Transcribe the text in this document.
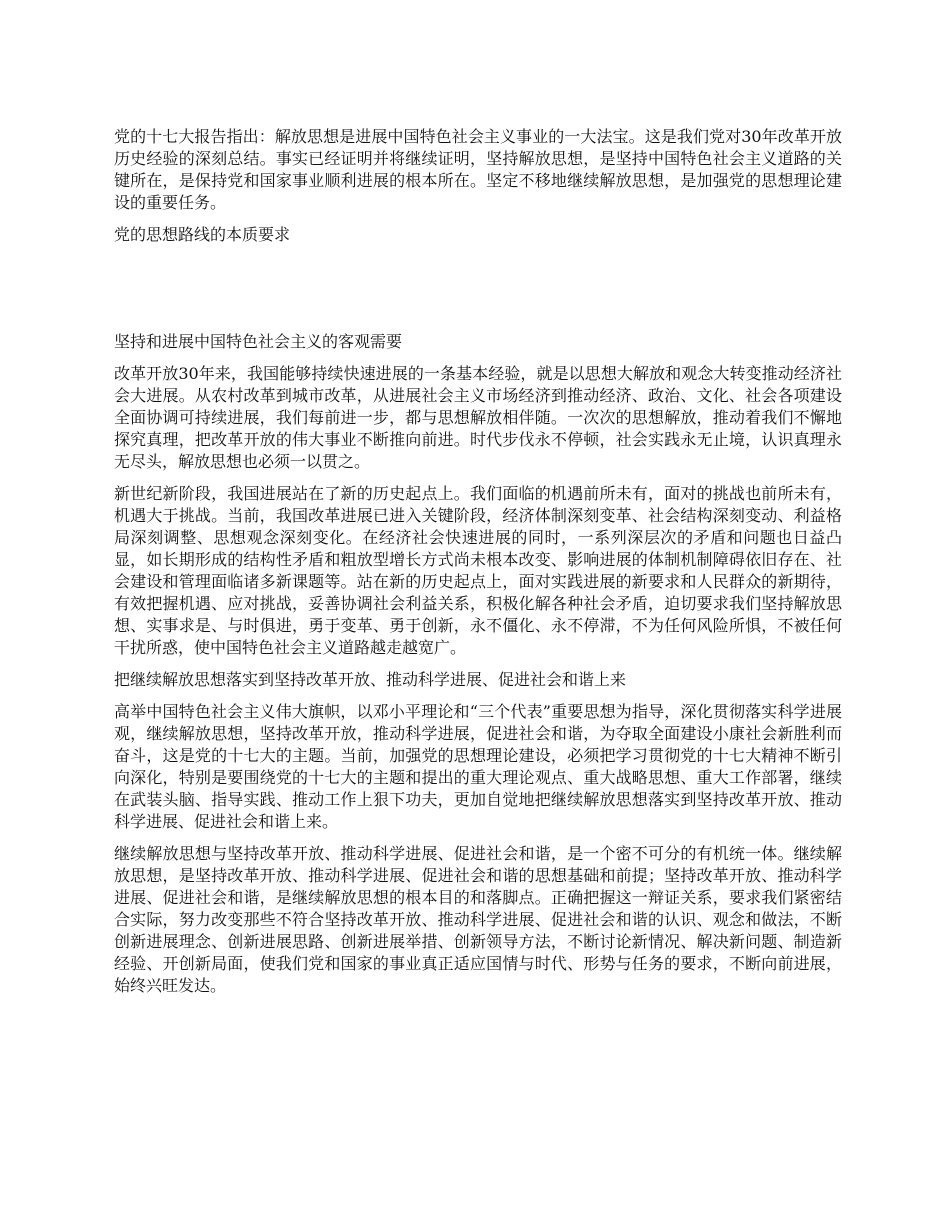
党的十七大报告指出：解放思想是进展中国特色社会主义事业的一大法宝。这是我们党对30年改革开放历史经验的深刻总结。事实已经证明并将继续证明，坚持解放思想，是坚持中国特色社会主义道路的关键所在，是保持党和国家事业顺利进展的根本所在。坚定不移地继续解放思想，是加强党的思想理论建设的重要任务。

党的思想路线的本质要求

坚持和进展中国特色社会主义的客观需要

改革开放30年来，我国能够持续快速进展的一条基本经验，就是以思想大解放和观念大转变推动经济社会大进展。从农村改革到城市改革，从进展社会主义市场经济到推动经济、政治、文化、社会各项建设全面协调可持续进展，我们每前进一步，都与思想解放相伴随。一次次的思想解放，推动着我们不懈地探究真理，把改革开放的伟大事业不断推向前进。时代步伐永不停顿，社会实践永无止境，认识真理永无尽头，解放思想也必须一以贯之。

新世纪新阶段，我国进展站在了新的历史起点上。我们面临的机遇前所未有，面对的挑战也前所未有，机遇大于挑战。当前，我国改革进展已进入关键阶段，经济体制深刻变革、社会结构深刻变动、利益格局深刻调整、思想观念深刻变化。在经济社会快速进展的同时，一系列深层次的矛盾和问题也日益凸显，如长期形成的结构性矛盾和粗放型增长方式尚未根本改变、影响进展的体制机制障碍依旧存在、社会建设和管理面临诸多新课题等。站在新的历史起点上，面对实践进展的新要求和人民群众的新期待，有效把握机遇、应对挑战，妥善协调社会利益关系，积极化解各种社会矛盾，迫切要求我们坚持解放思想、实事求是、与时俱进，勇于变革、勇于创新，永不僵化、永不停滞，不为任何风险所惧，不被任何干扰所惑，使中国特色社会主义道路越走越宽广。

把继续解放思想落实到坚持改革开放、推动科学进展、促进社会和谐上来

高举中国特色社会主义伟大旗帜，以邓小平理论和“三个代表”重要思想为指导，深化贯彻落实科学进展观，继续解放思想，坚持改革开放，推动科学进展，促进社会和谐，为夺取全面建设小康社会新胜利而奋斗，这是党的十七大的主题。当前，加强党的思想理论建设，必须把学习贯彻党的十七大精神不断引向深化，特别是要围绕党的十七大的主题和提出的重大理论观点、重大战略思想、重大工作部署，继续在武装头脑、指导实践、推动工作上狠下功夫，更加自觉地把继续解放思想落实到坚持改革开放、推动科学进展、促进社会和谐上来。

继续解放思想与坚持改革开放、推动科学进展、促进社会和谐，是一个密不可分的有机统一体。继续解放思想，是坚持改革开放、推动科学进展、促进社会和谐的思想基础和前提；坚持改革开放、推动科学进展、促进社会和谐，是继续解放思想的根本目的和落脚点。正确把握这一辩证关系，要求我们紧密结合实际，努力改变那些不符合坚持改革开放、推动科学进展、促进社会和谐的认识、观念和做法，不断创新进展理念、创新进展思路、创新进展举措、创新领导方法，不断讨论新情况、解决新问题、制造新经验、开创新局面，使我们党和国家的事业真正适应国情与时代、形势与任务的要求，不断向前进展，始终兴旺发达。
